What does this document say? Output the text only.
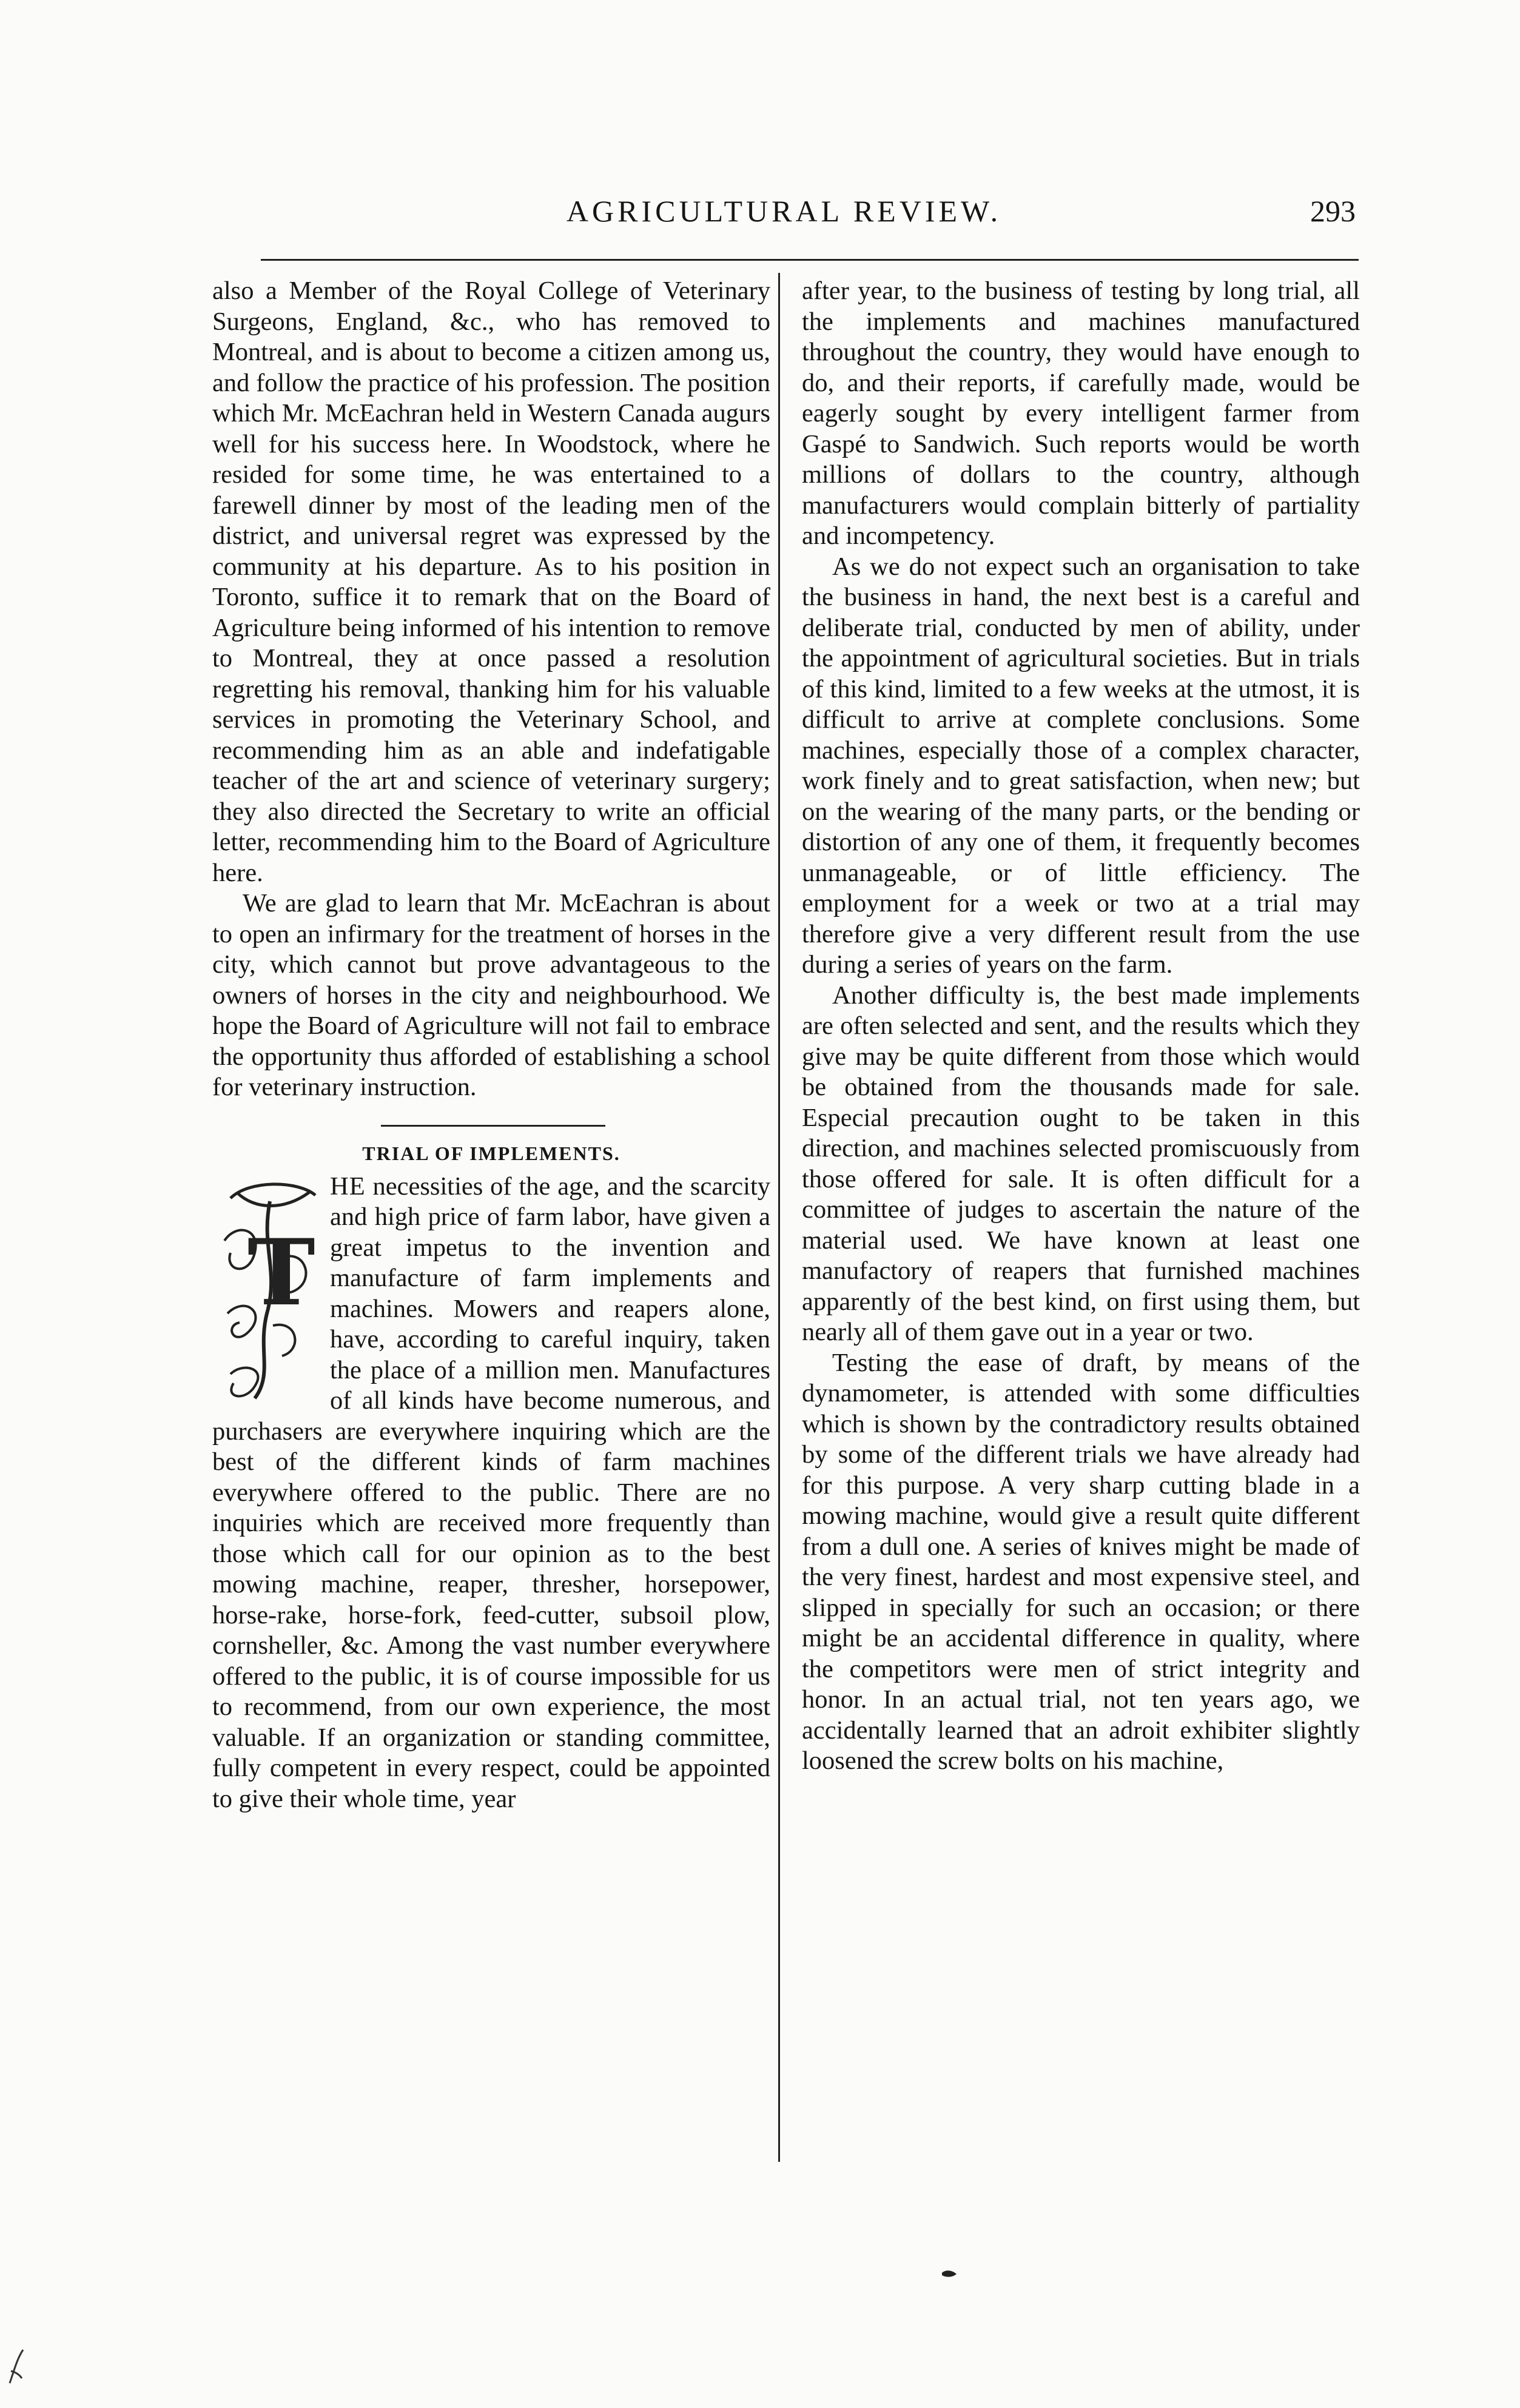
AGRICULTURAL REVIEW.	293

also a Member of the Royal College of Veterinary Surgeons, England, &c., who has removed to Montreal, and is about to become a citizen among us, and follow the practice of his profession. The position which Mr. McEachran held in Western Canada augurs well for his success here. In Woodstock, where he resided for some time, he was entertained to a farewell dinner by most of the leading men of the district, and universal regret was expressed by the community at his departure. As to his position in Toronto, suffice it to remark that on the Board of Agriculture being informed of his intention to remove to Montreal, they at once passed a resolution regretting his removal, thanking him for his valuable services in promoting the Veterinary School, and recommending him as an able and indefatigable teacher of the art and science of veterinary surgery; they also directed the Secretary to write an official letter, recommending him to the Board of Agriculture here.

We are glad to learn that Mr. McEachran is about to open an infirmary for the treatment of horses in the city, which cannot but prove advantageous to the owners of horses in the city and neighbourhood. We hope the Board of Agriculture will not fail to embrace the opportunity thus afforded of establishing a school for veterinary instruction.

TRIAL OF IMPLEMENTS.
T

HE necessities of the age, and the scarcity and high price of farm labor, have given a great impetus to the invention and manufacture of farm implements and machines. Mowers and reapers alone, have, according to careful inquiry, taken the place of a million men. Manufactures of all kinds have become numerous, and purchasers are everywhere inquiring which are the best of the different kinds of farm machines everywhere offered to the public. There are no inquiries which are received more frequently than those which call for our opinion as to the best mowing machine, reaper, thresher, horsepower, horse-rake, horse-fork, feed-cutter, subsoil plow, cornsheller, &c. Among the vast number everywhere offered to the public, it is of course impossible for us to recommend, from our own experience, the most valuable. If an organization or standing committee, fully competent in every respect, could be appointed to give their whole time, year

after year, to the business of testing by long trial, all the implements and machines manufactured throughout the country, they would have enough to do, and their reports, if carefully made, would be eagerly sought by every intelligent farmer from Gaspé to Sandwich. Such reports would be worth millions of dollars to the country, although manufacturers would complain bitterly of partiality and incompetency.

As we do not expect such an organisation to take the business in hand, the next best is a careful and deliberate trial, conducted by men of ability, under the appointment of agricultural societies. But in trials of this kind, limited to a few weeks at the utmost, it is difficult to arrive at complete conclusions. Some machines, especially those of a complex character, work finely and to great satisfaction, when new; but on the wearing of the many parts, or the bending or distortion of any one of them, it frequently becomes unmanageable, or of little efficiency. The employment for a week or two at a trial may therefore give a very different result from the use during a series of years on the farm.

Another difficulty is, the best made implements are often selected and sent, and the results which they give may be quite different from those which would be obtained from the thousands made for sale. Especial precaution ought to be taken in this direction, and machines selected promiscuously from those offered for sale. It is often difficult for a committee of judges to ascertain the nature of the material used. We have known at least one manufactory of reapers that furnished machines apparently of the best kind, on first using them, but nearly all of them gave out in a year or two.

Testing the ease of draft, by means of the dynamometer, is attended with some difficulties which is shown by the contradictory results obtained by some of the different trials we have already had for this purpose. A very sharp cutting blade in a mowing machine, would give a result quite different from a dull one. A series of knives might be made of the very finest, hardest and most expensive steel, and slipped in specially for such an occasion; or there might be an accidental difference in quality, where the competitors were men of strict integrity and honor. In an actual trial, not ten years ago, we accidentally learned that an adroit exhibiter slightly loosened the screw bolts on his machine,
